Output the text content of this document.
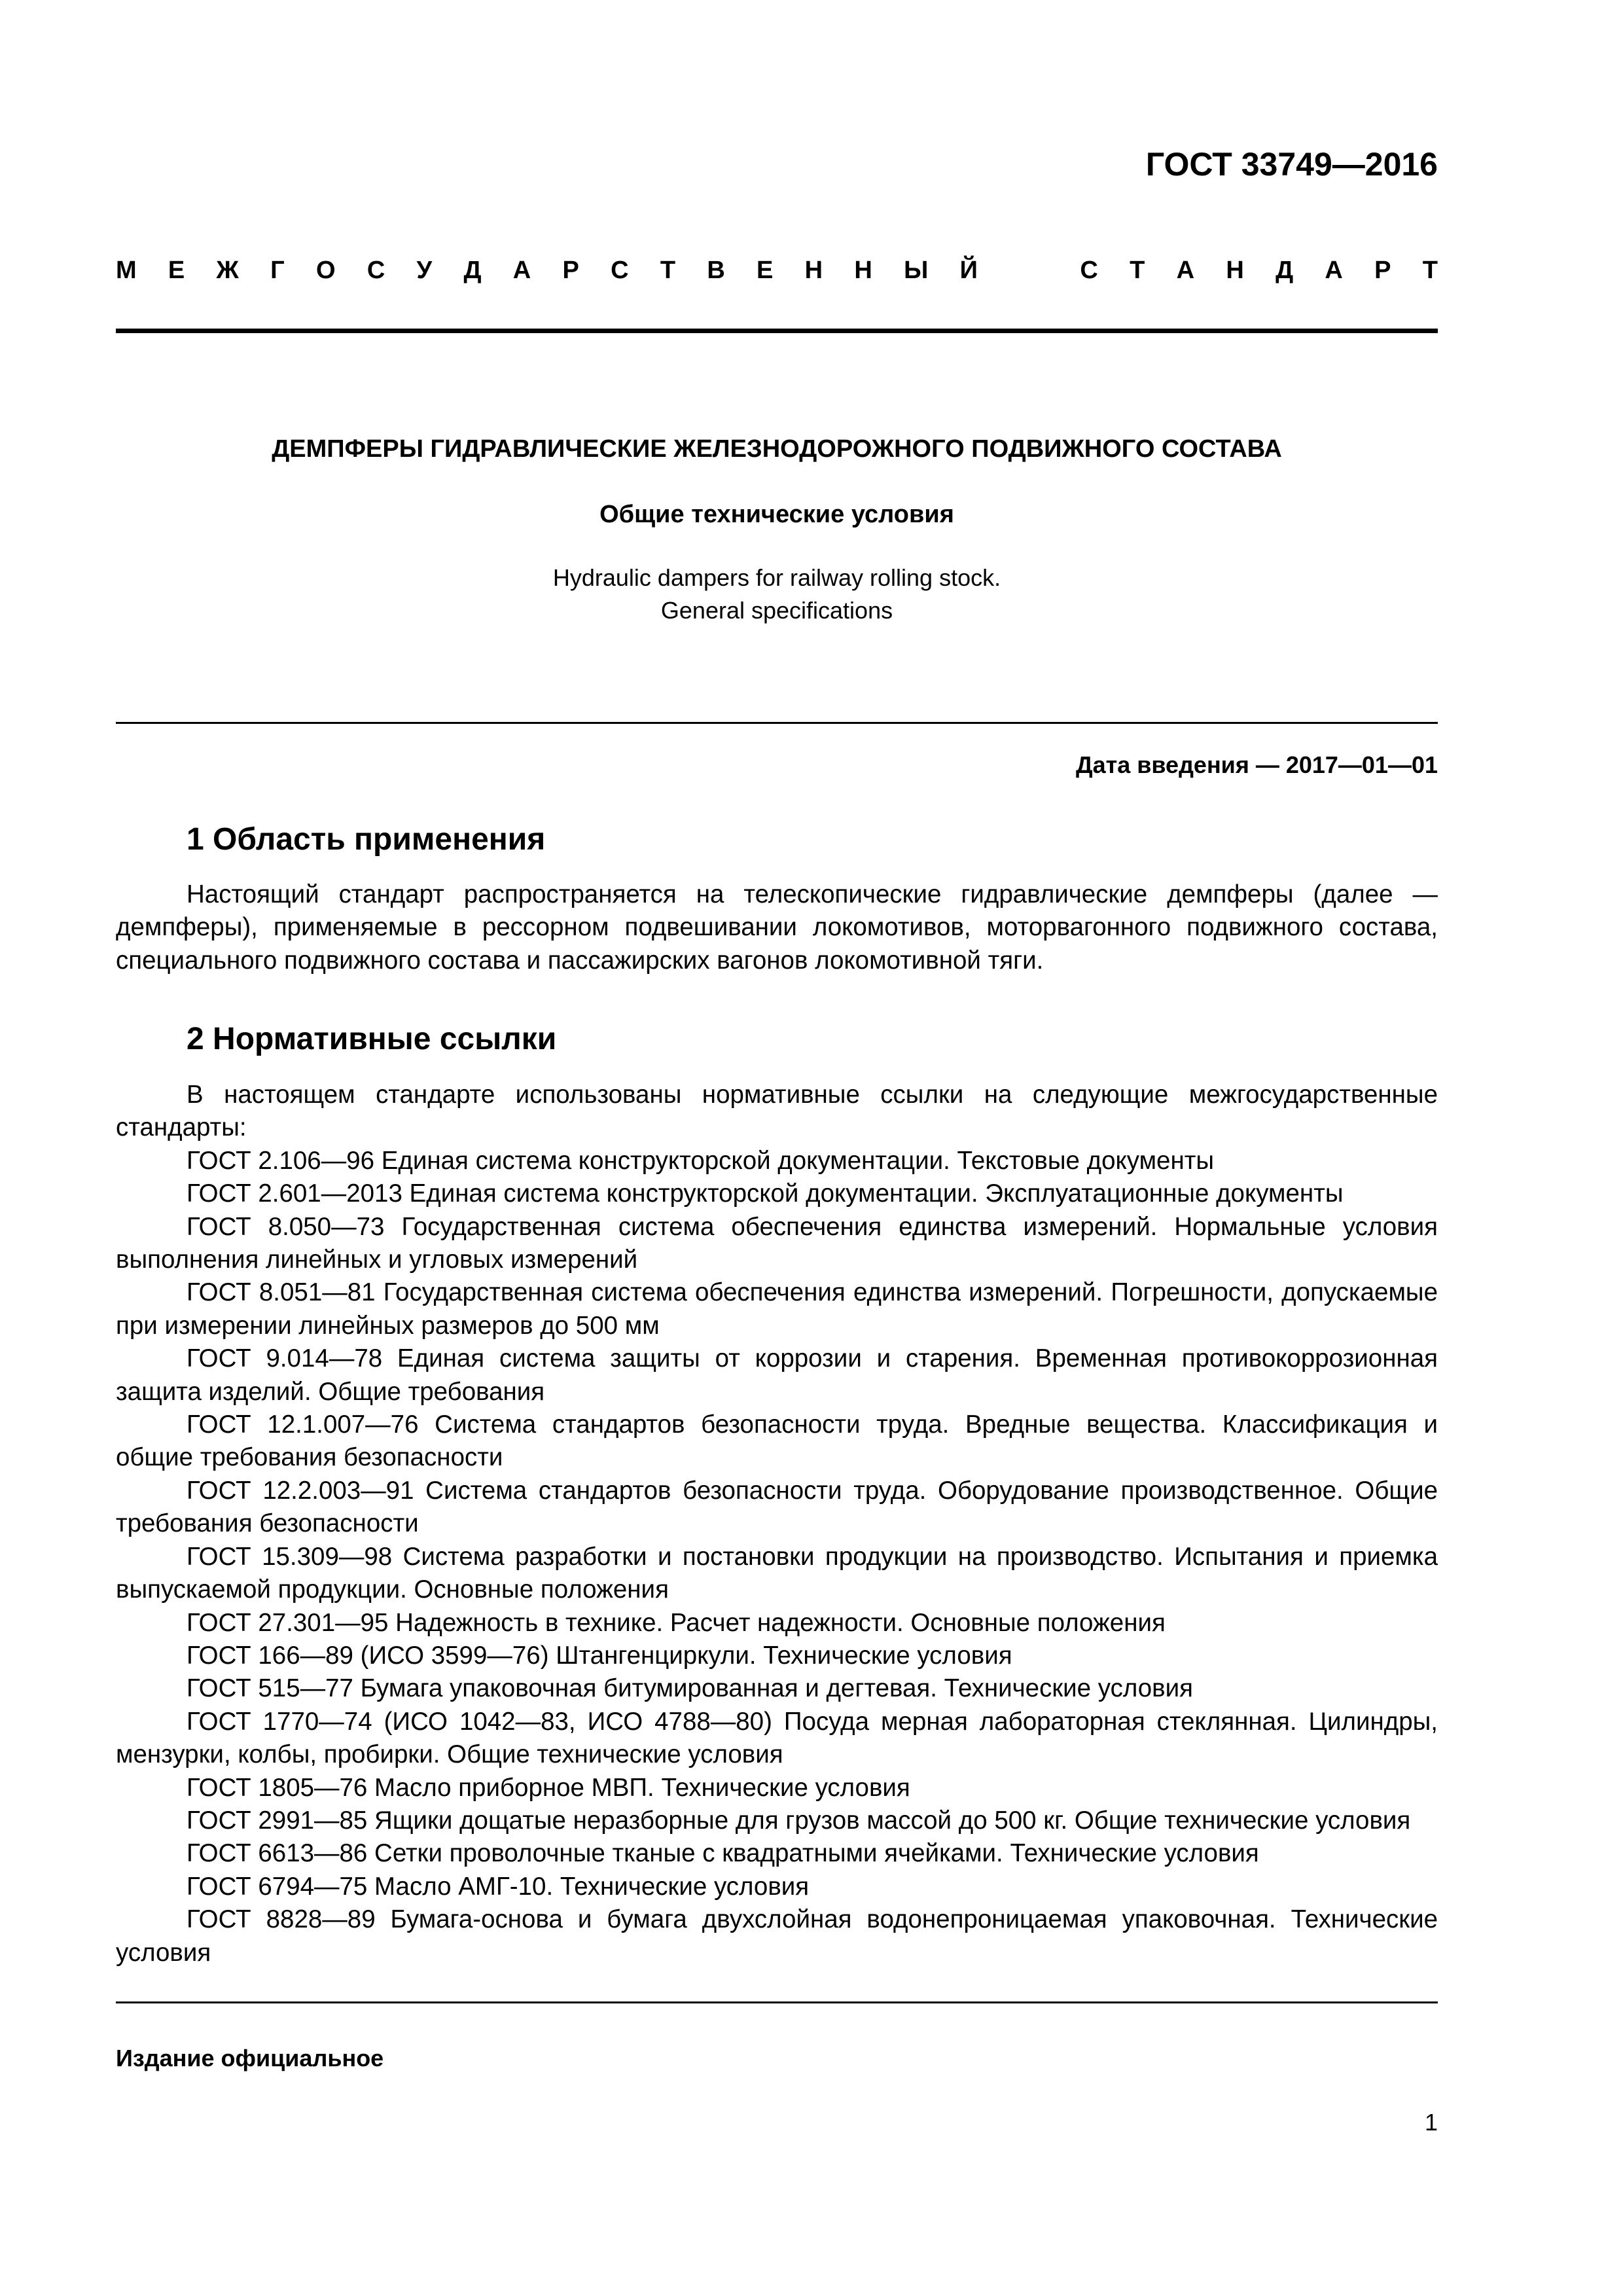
ГОСТ 33749—2016
М Е Ж Г О С У Д А Р С Т В Е Н Н Ы Й	С Т А Н Д А Р Т
ДЕМПФЕРЫ ГИДРАВЛИЧЕСКИЕ ЖЕЛЕЗНОДОРОЖНОГО ПОДВИЖНОГО СОСТАВА
Общие технические условия
Hydraulic dampers for railway rolling stock.
General specifications
Дата введения — 2017—01—01
1 Область применения

Настоящий стандарт распространяется на телескопические гидравлические демпферы (далее — демпферы), применяемые в рессорном подвешивании локомотивов, моторвагонного подвижного состава, специального подвижного состава и пассажирских вагонов локомотивной тяги.

2 Нормативные ссылки

В настоящем стандарте использованы нормативные ссылки на следующие межгосударственные стандарты:

ГОСТ 2.106—96 Единая система конструкторской документации. Текстовые документы

ГОСТ 2.601—2013 Единая система конструкторской документации. Эксплуатационные документы

ГОСТ 8.050—73 Государственная система обеспечения единства измерений. Нормальные условия выполнения линейных и угловых измерений

ГОСТ 8.051—81 Государственная система обеспечения единства измерений. Погрешности, допускаемые при измерении линейных размеров до 500 мм

ГОСТ 9.014—78 Единая система защиты от коррозии и старения. Временная противокоррозионная защита изделий. Общие требования

ГОСТ 12.1.007—76 Система стандартов безопасности труда. Вредные вещества. Классификация и общие требования безопасности

ГОСТ 12.2.003—91 Система стандартов безопасности труда. Оборудование производственное. Общие требования безопасности

ГОСТ 15.309—98 Система разработки и постановки продукции на производство. Испытания и приемка выпускаемой продукции. Основные положения

ГОСТ 27.301—95 Надежность в технике. Расчет надежности. Основные положения

ГОСТ 166—89 (ИСО 3599—76) Штангенциркули. Технические условия

ГОСТ 515—77 Бумага упаковочная битумированная и дегтевая. Технические условия

ГОСТ 1770—74 (ИСО 1042—83, ИСО 4788—80) Посуда мерная лабораторная стеклянная. Цилиндры, мензурки, колбы, пробирки. Общие технические условия

ГОСТ 1805—76 Масло приборное МВП. Технические условия

ГОСТ 2991—85 Ящики дощатые неразборные для грузов массой до 500 кг. Общие технические условия

ГОСТ 6613—86 Сетки проволочные тканые с квадратными ячейками. Технические условия

ГОСТ 6794—75 Масло АМГ-10. Технические условия

ГОСТ 8828—89 Бумага-основа и бумага двухслойная водонепроницаемая упаковочная. Технические условия

Издание официальное
1
